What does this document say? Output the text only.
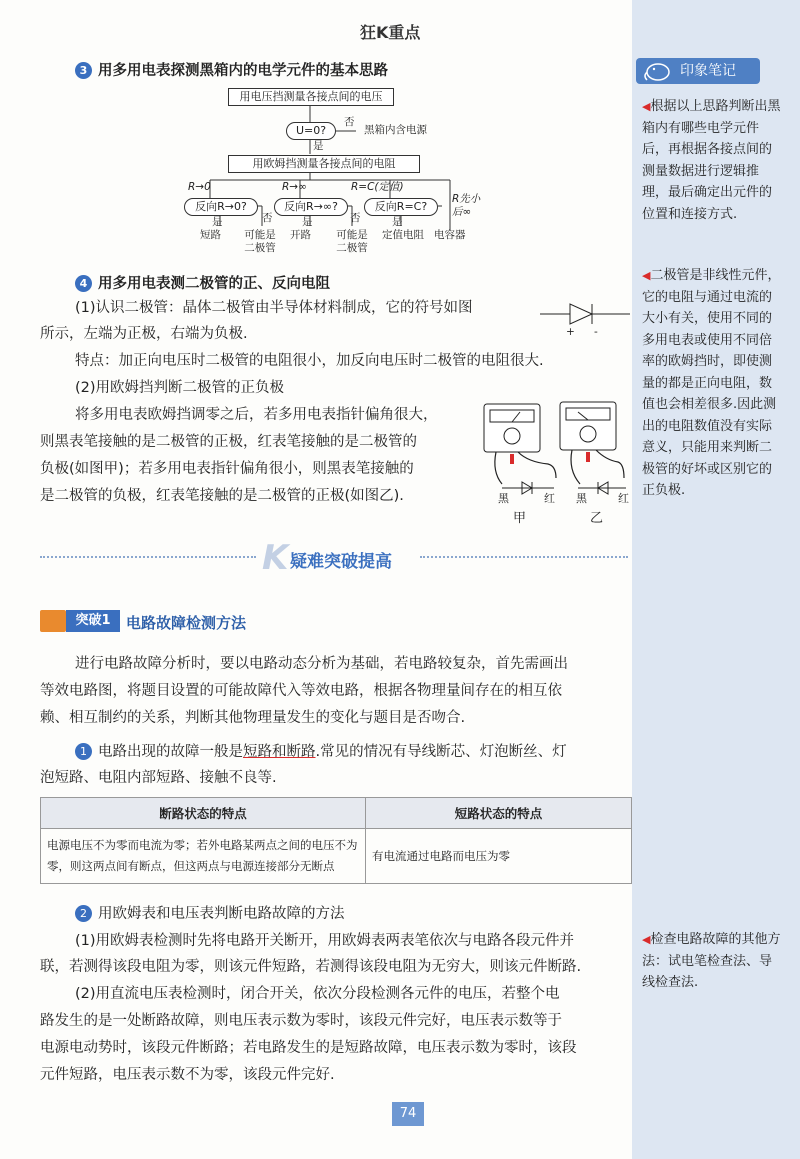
印象笔记
◀根据以上思路判断出黑箱内有哪些电学元件后，再根据各接点间的测量数据进行逻辑推理，最后确定出元件的位置和连接方式.
◀二极管是非线性元件，它的电阻与通过电流的大小有关，使用不同的多用电表或使用不同倍率的欧姆挡时，即使测量的都是正向电阻，数值也会相差很多.因此测出的电阻数值没有实际意义，只能用来判断二极管的好坏或区别它的正负极.
◀检查电路故障的其他方法：试电笔检查法、导线检查法.
狂K重点
3 用多用电表探测黑箱内的电学元件的基本思路
用电压挡测量各接点间的电压
U=0?
否
黑箱内含电源
是
用欧姆挡测量各接点间的电阻
R→0	R→∞	R=C(定值)
R先小后∞
反向R→0?	反向R→∞?	反向R=C?
是	否	是	否	是
短路 可能是二极管
开路 可能是二极管
定值电阻 电容器
4 用多用电表测二极管的正、反向电阻
(1)认识二极管：晶体二极管由半导体材料制成，它的符号如图
所示，左端为正极，右端为负极.
特点：加正向电压时二极管的电阻很小，加反向电压时二极管的电阻很大.
(2)用欧姆挡判断二极管的正负极
将多用电表欧姆挡调零之后，若多用电表指针偏角很大，
则黑表笔接触的是二极管的正极，红表笔接触的是二极管的
负极(如图甲)；若多用电表指针偏角很小，则黑表笔接触的
是二极管的负极，红表笔接触的是二极管的正极(如图乙).
+ -
黑	红 黑	红
甲	乙
K 疑难突破提高
突破1	电路故障检测方法
进行电路故障分析时，要以电路动态分析为基础，若电路较复杂，首先需画出
等效电路图，将题目设置的可能故障代入等效电路，根据各物理量间存在的相互依
赖、相互制约的关系，判断其他物理量发生的变化与题目是否吻合.
1 电路出现的故障一般是短路和断路.常见的情况有导线断芯、灯泡断丝、灯
泡短路、电阻内部短路、接触不良等.
断路状态的特点	短路状态的特点
电源电压不为零而电流为零；若外电路某两点之间的电压不为零，则这两点间有断点，但这两点与电源连接部分无断点	有电流通过电路而电压为零
2 用欧姆表和电压表判断电路故障的方法
(1)用欧姆表检测时先将电路开关断开，用欧姆表两表笔依次与电路各段元件并
联，若测得该段电阻为零，则该元件短路，若测得该段电阻为无穷大，则该元件断路.
(2)用直流电压表检测时，闭合开关，依次分段检测各元件的电压，若整个电
路发生的是一处断路故障，则电压表示数为零时，该段元件完好，电压表示数等于
电源电动势时，该段元件断路；若电路发生的是短路故障，电压表示数为零时，该段
元件短路，电压表示数不为零，该段元件完好.
74
